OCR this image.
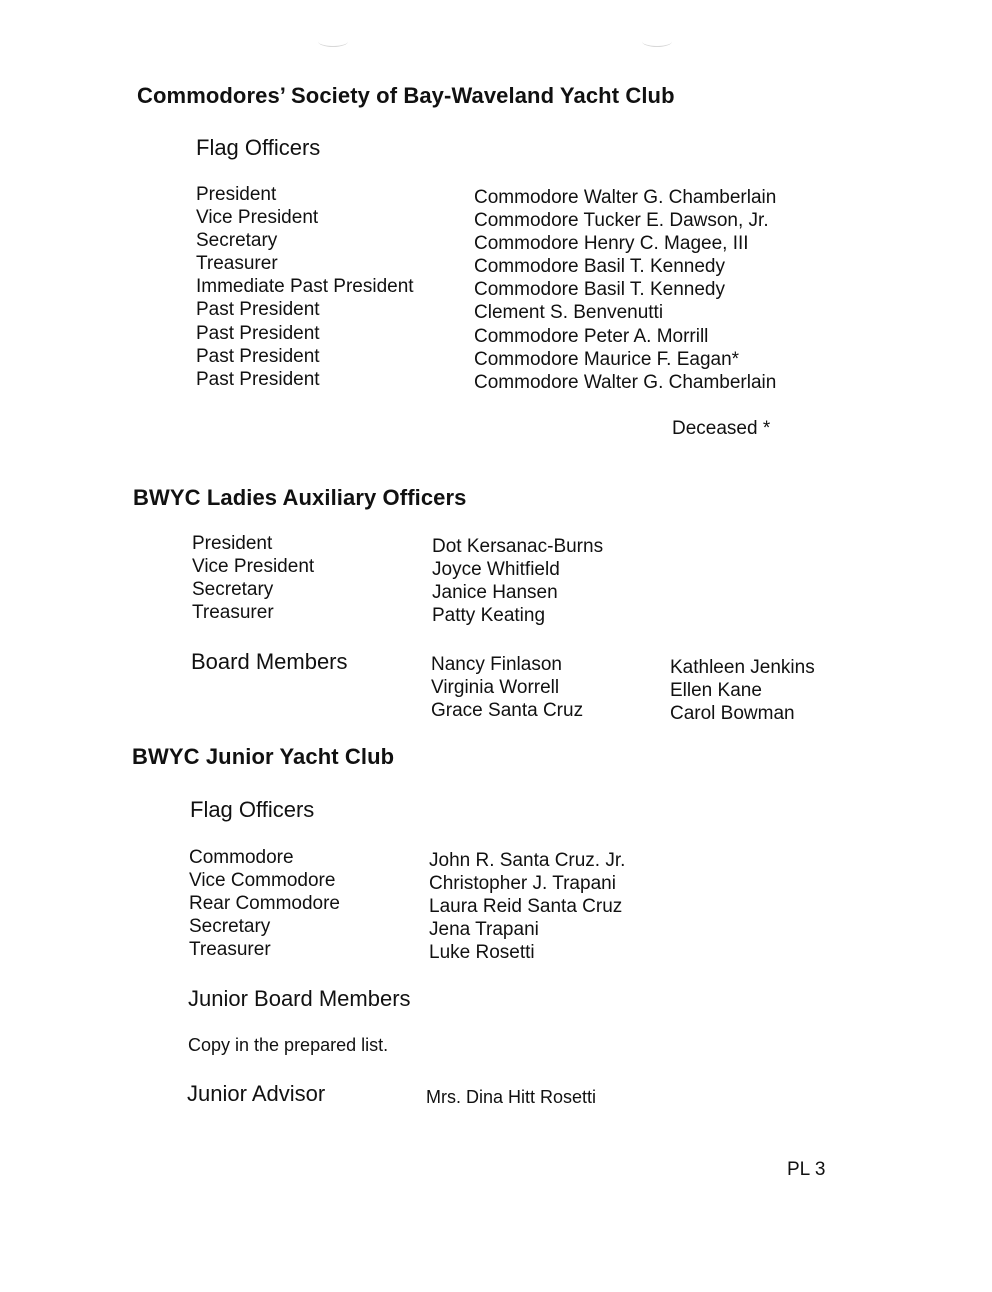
Commodores’ Society of Bay-Waveland Yacht Club
Flag Officers
President
Vice President
Secretary
Treasurer
Immediate Past President
Past President
Past President
Past President
Past President
Commodore Walter G. Chamberlain
Commodore Tucker E. Dawson, Jr.
Commodore Henry C. Magee, III
Commodore Basil T. Kennedy
Commodore Basil T. Kennedy
Clement S. Benvenutti
Commodore Peter A. Morrill
Commodore Maurice F. Eagan*
Commodore Walter G. Chamberlain
Deceased *
BWYC Ladies Auxiliary Officers
President
Vice President
Secretary
Treasurer
Dot Kersanac-Burns
Joyce Whitfield
Janice Hansen
Patty Keating
Board Members	Nancy Finlason
Virginia Worrell
Grace Santa Cruz
Kathleen Jenkins
Ellen Kane
Carol Bowman
BWYC Junior Yacht Club
Flag Officers
Commodore
Vice Commodore
Rear Commodore
Secretary
Treasurer
John R. Santa Cruz. Jr.
Christopher J. Trapani
Laura Reid Santa Cruz
Jena Trapani
Luke Rosetti
Junior Board Members
Copy in the prepared list.
Junior Advisor	Mrs. Dina Hitt Rosetti
PL 3
